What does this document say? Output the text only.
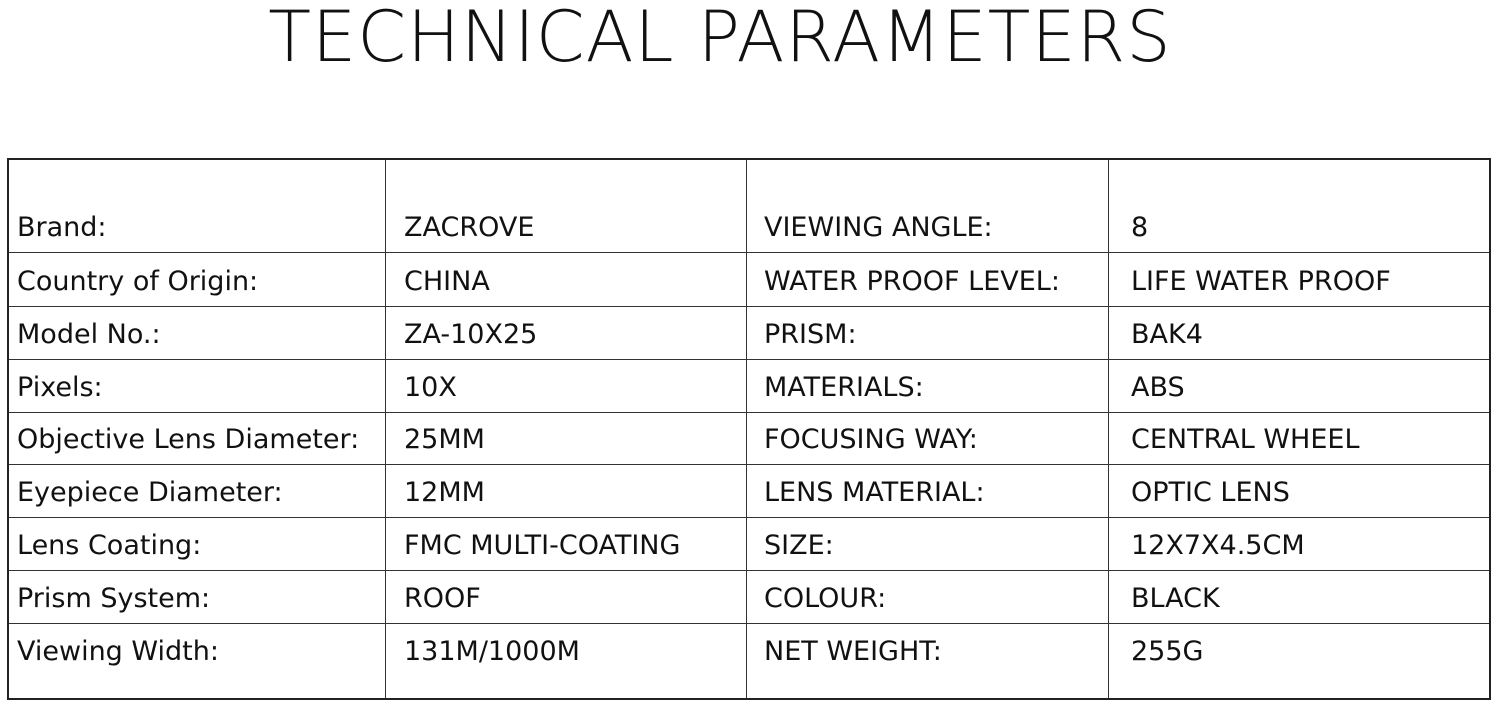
TECHNICAL PARAMETERS
Brand:	ZACROVE	VIEWING ANGLE:	8
Country of Origin:	CHINA	WATER PROOF LEVEL:	LIFE WATER PROOF
Model No.:	ZA-10X25	PRISM:	BAK4
Pixels:	10X	MATERIALS:	ABS
Objective Lens Diameter: 25MM	FOCUSING WAY:	CENTRAL WHEEL
Eyepiece Diameter:	12MM	LENS MATERIAL:	OPTIC LENS
Lens Coating:	FMC MULTI-COATING	SIZE:	12X7X4.5CM
Prism System:	ROOF	COLOUR:	BLACK
Viewing Width:	131M/1000M	NET WEIGHT:	255G
